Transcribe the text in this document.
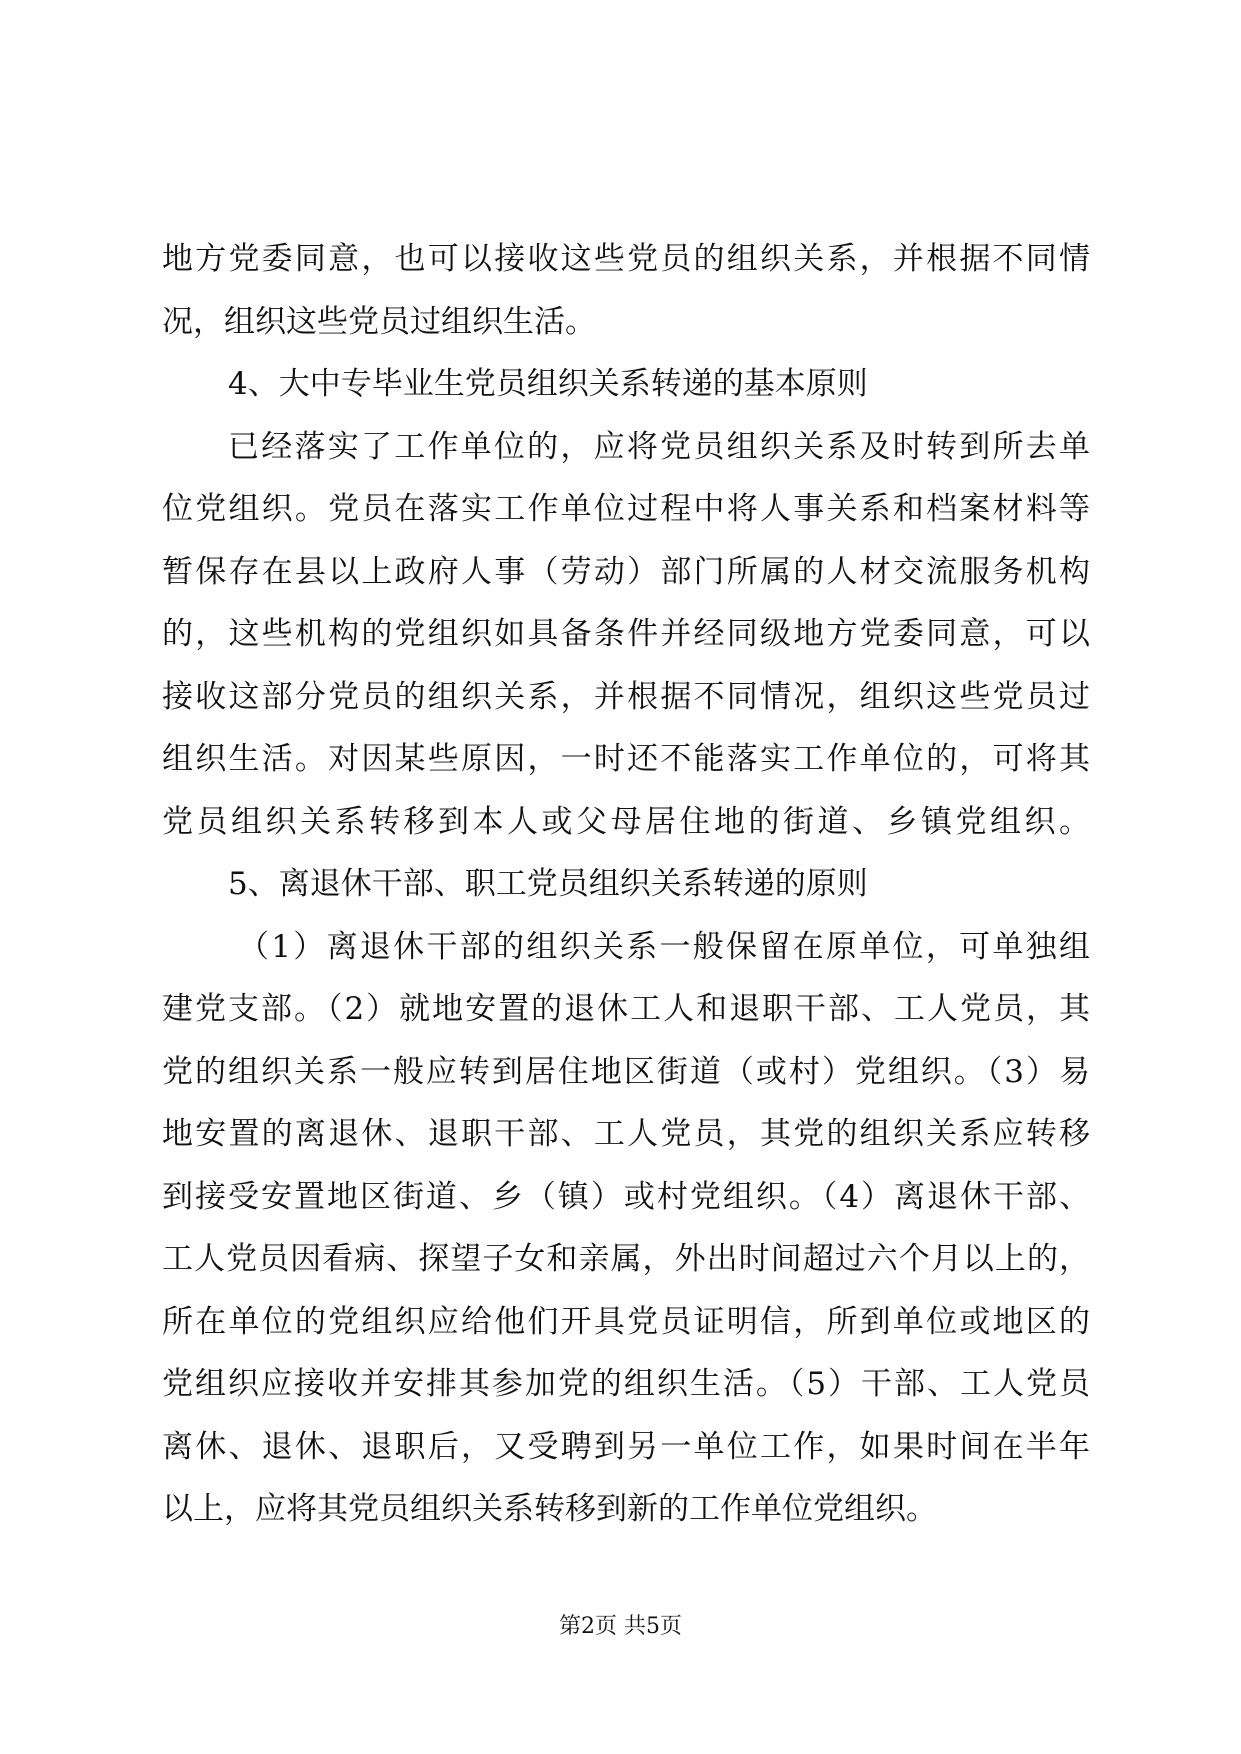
地方党委同意，也可以接收这些党员的组织关系，并根据不同情
况，组织这些党员过组织生活。
4、大中专毕业生党员组织关系转递的基本原则
已经落实了工作单位的，应将党员组织关系及时转到所去单
位党组织。党员在落实工作单位过程中将人事关系和档案材料等
暂保存在县以上政府人事（劳动）部门所属的人材交流服务机构
的，这些机构的党组织如具备条件并经同级地方党委同意，可以
接收这部分党员的组织关系，并根据不同情况，组织这些党员过
组织生活。对因某些原因，一时还不能落实工作单位的，可将其
党员组织关系转移到本人或父母居住地的街道、乡镇党组织。
5、离退休干部、职工党员组织关系转递的原则
（1）离退休干部的组织关系一般保留在原单位，可单独组
建党支部。（2）就地安置的退休工人和退职干部、工人党员，其
党的组织关系一般应转到居住地区街道（或村）党组织。（3）易
地安置的离退休、退职干部、工人党员，其党的组织关系应转移
到接受安置地区街道、乡（镇）或村党组织。（4）离退休干部、
工人党员因看病、探望子女和亲属，外出时间超过六个月以上的，
所在单位的党组织应给他们开具党员证明信，所到单位或地区的
党组织应接收并安排其参加党的组织生活。（5）干部、工人党员
离休、退休、退职后，又受聘到另一单位工作，如果时间在半年
以上，应将其党员组织关系转移到新的工作单位党组织。
第2页 共5页
